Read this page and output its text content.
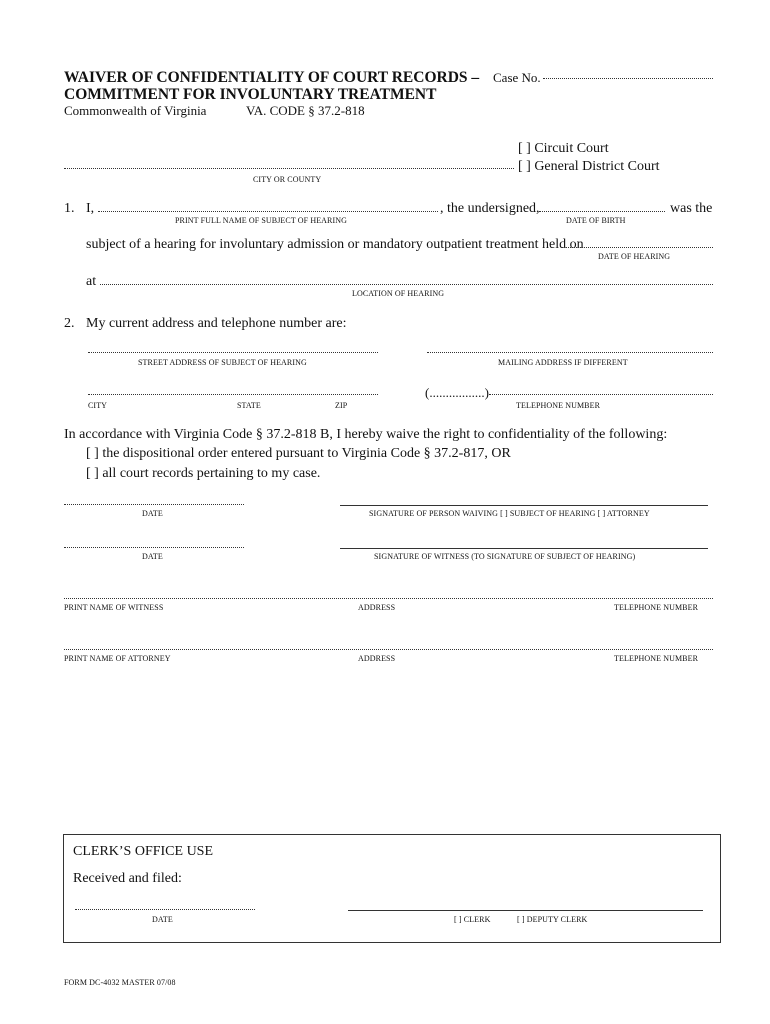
WAIVER OF CONFIDENTIALITY OF COURT RECORDS –
COMMITMENT FOR INVOLUNTARY TREATMENT
Commonwealth of Virginia	VA. CODE § 37.2-818
Case No.
[ ] Circuit Court
[ ] General District Court
CITY OR COUNTY
1. I,	, the undersigned,	was the
PRINT FULL NAME OF SUBJECT OF HEARING	DATE OF BIRTH
subject of a hearing for involuntary admission or mandatory outpatient treatment held on
DATE OF HEARING
at
LOCATION OF HEARING
2. My current address and telephone number are:
STREET ADDRESS OF SUBJECT OF HEARING	MAILING ADDRESS IF DIFFERENT
CITY	STATE	ZIP
(.................)
TELEPHONE NUMBER
In accordance with Virginia Code § 37.2-818 B, I hereby waive the right to confidentiality of the following:
[ ] the dispositional order entered pursuant to Virginia Code § 37.2-817, OR
[ ] all court records pertaining to my case.
DATE	SIGNATURE OF PERSON WAIVING [ ] SUBJECT OF HEARING [ ] ATTORNEY
DATE	SIGNATURE OF WITNESS (TO SIGNATURE OF SUBJECT OF HEARING)
PRINT NAME OF WITNESS	ADDRESS	TELEPHONE NUMBER
PRINT NAME OF ATTORNEY	ADDRESS	TELEPHONE NUMBER
CLERK’S OFFICE USE
Received and filed:
DATE	[ ] CLERK	[ ] DEPUTY CLERK
FORM DC-4032 MASTER 07/08
